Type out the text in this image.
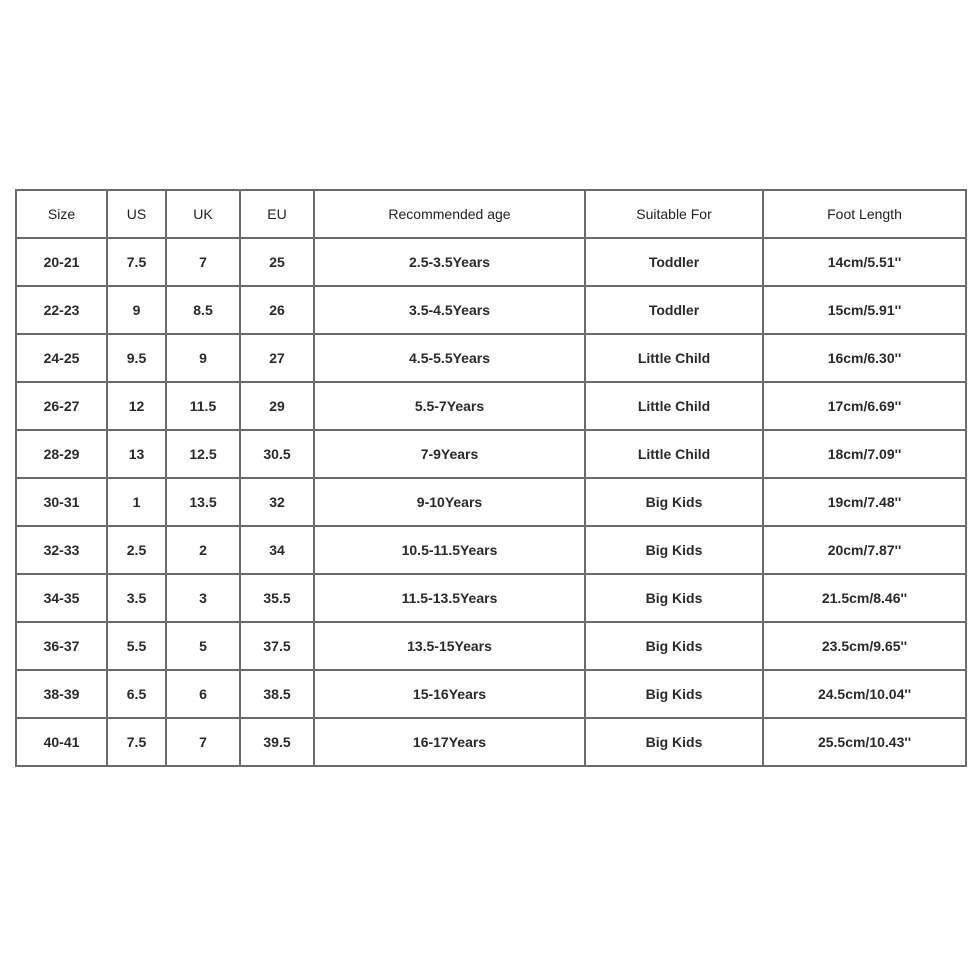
Size	US	UK	EU	Recommended age	Suitable For	Foot Length
20-21	7.5	7	25	2.5-3.5Years	Toddler	14cm/5.51''
22-23	9	8.5	26	3.5-4.5Years	Toddler	15cm/5.91''
24-25	9.5	9	27	4.5-5.5Years	Little Child	16cm/6.30''
26-27	12	11.5	29	5.5-7Years	Little Child	17cm/6.69''
28-29	13	12.5	30.5	7-9Years	Little Child	18cm/7.09''
30-31	1	13.5	32	9-10Years	Big Kids	19cm/7.48''
32-33	2.5	2	34	10.5-11.5Years	Big Kids	20cm/7.87''
34-35	3.5	3	35.5	11.5-13.5Years	Big Kids	21.5cm/8.46''
36-37	5.5	5	37.5	13.5-15Years	Big Kids	23.5cm/9.65''
38-39	6.5	6	38.5	15-16Years	Big Kids	24.5cm/10.04''
40-41	7.5	7	39.5	16-17Years	Big Kids	25.5cm/10.43''
